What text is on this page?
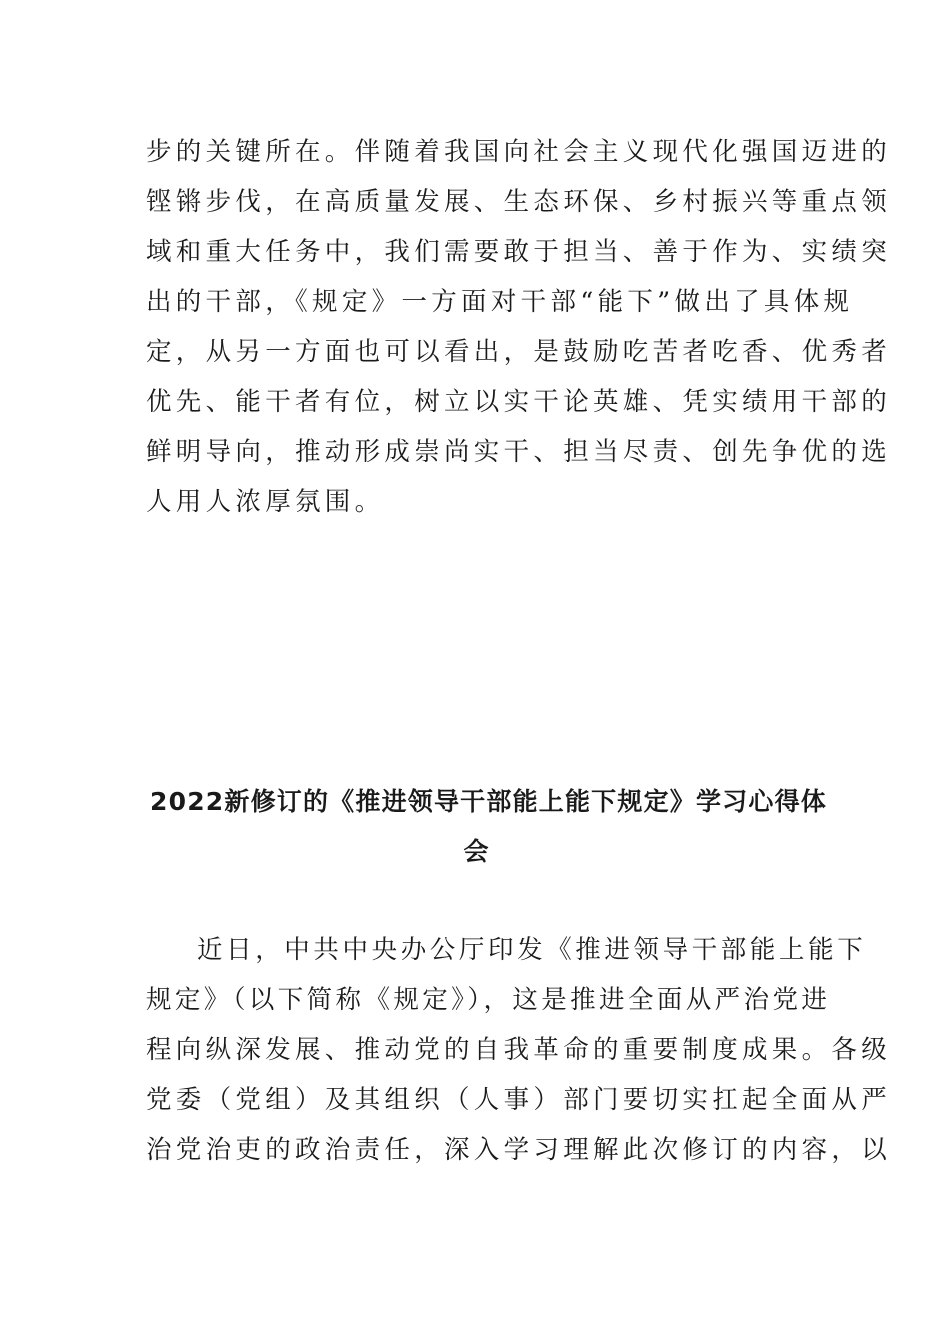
步的关键所在。伴随着我国向社会主义现代化强国迈进的
铿锵步伐，在高质量发展、生态环保、乡村振兴等重点领
域和重大任务中，我们需要敢于担当、善于作为、实绩突
出的干部，《规定》一方面对干部“能下”做出了具体规
定，从另一方面也可以看出，是鼓励吃苦者吃香、优秀者
优先、能干者有位，树立以实干论英雄、凭实绩用干部的
鲜明导向，推动形成崇尚实干、担当尽责、创先争优的选
人用人浓厚氛围。
2022新修订的《推进领导干部能上能下规定》学习心得体
会
近日，中共中央办公厅印发《推进领导干部能上能下
规定》（以下简称《规定》），这是推进全面从严治党进
程向纵深发展、推动党的自我革命的重要制度成果。各级
党委（党组）及其组织（人事）部门要切实扛起全面从严
治党治吏的政治责任，深入学习理解此次修订的内容，以
